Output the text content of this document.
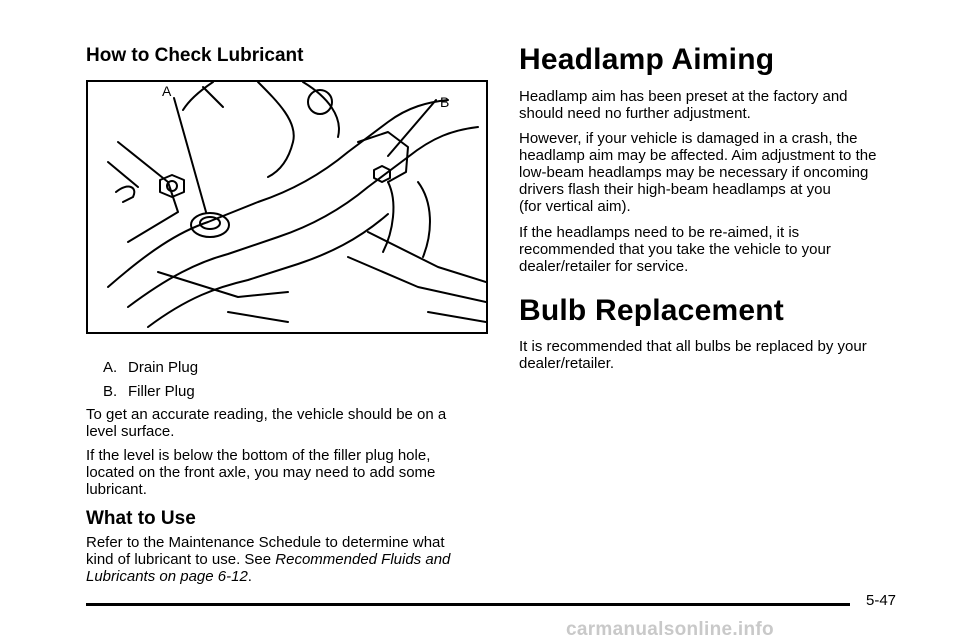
How to Check Lubricant
A
B
A. Drain Plug
B. Filler Plug
To get an accurate reading, the vehicle should be on a
level surface.
If the level is below the bottom of the filler plug hole,
located on the front axle, you may need to add some
lubricant.
What to Use
Refer to the Maintenance Schedule to determine what
kind of lubricant to use. See Recommended Fluids and
Lubricants on page 6-12.
Headlamp Aiming
Headlamp aim has been preset at the factory and
should need no further adjustment.
However, if your vehicle is damaged in a crash, the
headlamp aim may be affected. Aim adjustment to the
low-beam headlamps may be necessary if oncoming
drivers flash their high-beam headlamps at you
(for vertical aim).
If the headlamps need to be re-aimed, it is
recommended that you take the vehicle to your
dealer/retailer for service.
Bulb Replacement
It is recommended that all bulbs be replaced by your
dealer/retailer.
5-47
carmanualsonline.info
